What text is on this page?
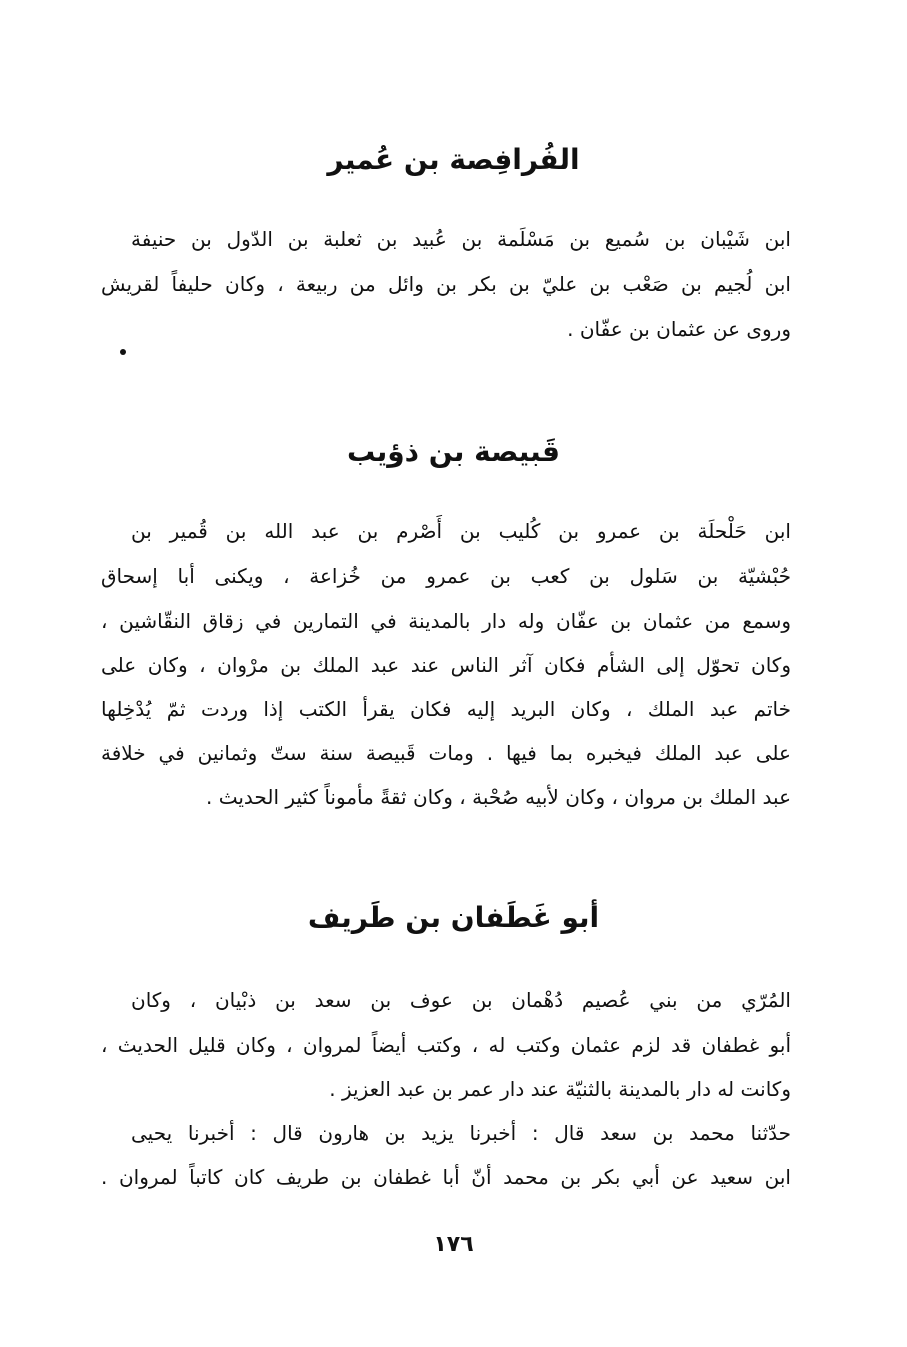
الفُرافِصة بن عُمير
ابن شَيْبان بن سُميع بن مَسْلَمة بن عُبيد بن ثعلبة بن الدّول بن حنيفة
ابن لُجيم بن صَعْب بن عليّ بن بكر بن وائل من ربيعة ، وكان حليفاً لقريش
وروى عن عثمان بن عفّان .
قَبيصة بن ذؤيب
ابن حَلْحلَة بن عمرو بن كُليب بن أَصْرم بن عبد الله بن قُمير بن
حُبْشيّة بن سَلول بن كعب بن عمرو من خُزاعة ، ويكنى أبا إسحاق
وسمع من عثمان بن عفّان وله دار بالمدينة في التمارين في زقاق النقّاشين ،
وكان تحوّل إلى الشأم فكان آثر الناس عند عبد الملك بن مرْوان ، وكان على
خاتم عبد الملك ، وكان البريد إليه فكان يقرأ الكتب إذا وردت ثمّ يُدْخِلها
على عبد الملك فيخبره بما فيها . ومات قَبيصة سنة ستّ وثمانين في خلافة
عبد الملك بن مروان ، وكان لأبيه صُحْبة ، وكان ثقةً مأموناً كثير الحديث .
أبو غَطَفان بن طَريف
المُرّي من بني عُصيم دُهْمان بن عوف بن سعد بن ذبْيان ، وكان
أبو غطفان قد لزم عثمان وكتب له ، وكتب أيضاً لمروان ، وكان قليل الحديث ،
وكانت له دار بالمدينة بالثنيّة عند دار عمر بن عبد العزيز .
حدّثنا محمد بن سعد قال : أخبرنا يزيد بن هارون قال : أخبرنا يحيى
ابن سعيد عن أبي بكر بن محمد أنّ أبا غطفان بن طريف كان كاتباً لمروان .
١٧٦
